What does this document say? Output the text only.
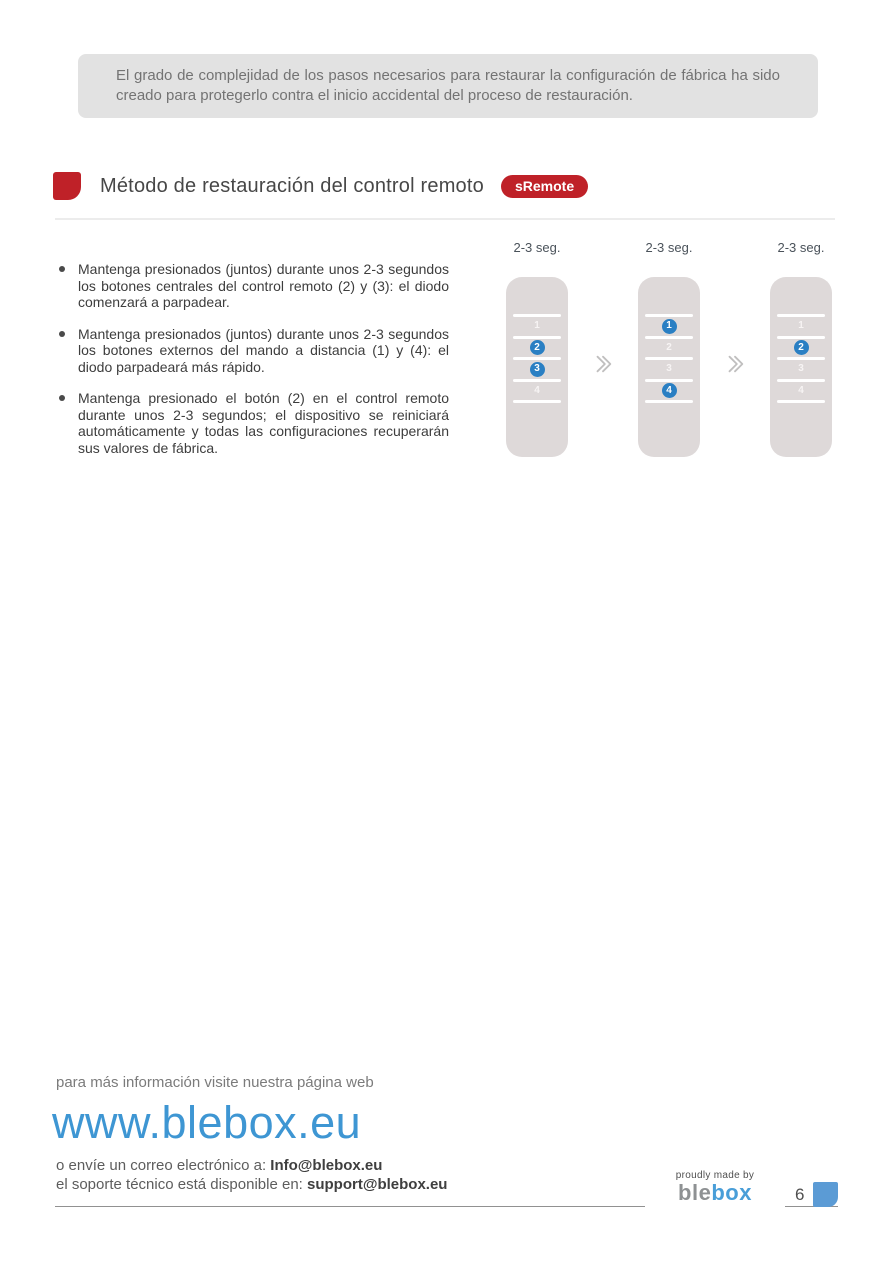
El grado de complejidad de los pasos necesarios para restaurar la configuración de fábrica ha sido creado para protegerlo contra el inicio accidental del proceso de restauración.
Método de restauración del control remoto	sRemote
Mantenga presionados (juntos) durante unos 2-3 segundos los botones centrales del control remoto (2) y (3): el diodo comenzará a parpadear.
Mantenga presionados (juntos) durante unos 2-3 segundos los botones externos del mando a distancia (1) y (4): el diodo parpadeará más rápido.
Mantenga presionado el botón (2) en el control remoto durante unos 2-3 segundos; el dispositivo se reiniciará automáticamente y todas las configuraciones recuperarán sus valores de fábrica.
2-3 seg.
1
2
3
4
2-3 seg.
1
2
3
4
2-3 seg.
1
2
3
4
para más información visite nuestra página web
www.blebox.eu
o envíe un correo electrónico a: Info@blebox.eu
el soporte técnico está disponible en: support@blebox.eu
proudly made by
blebox	6
